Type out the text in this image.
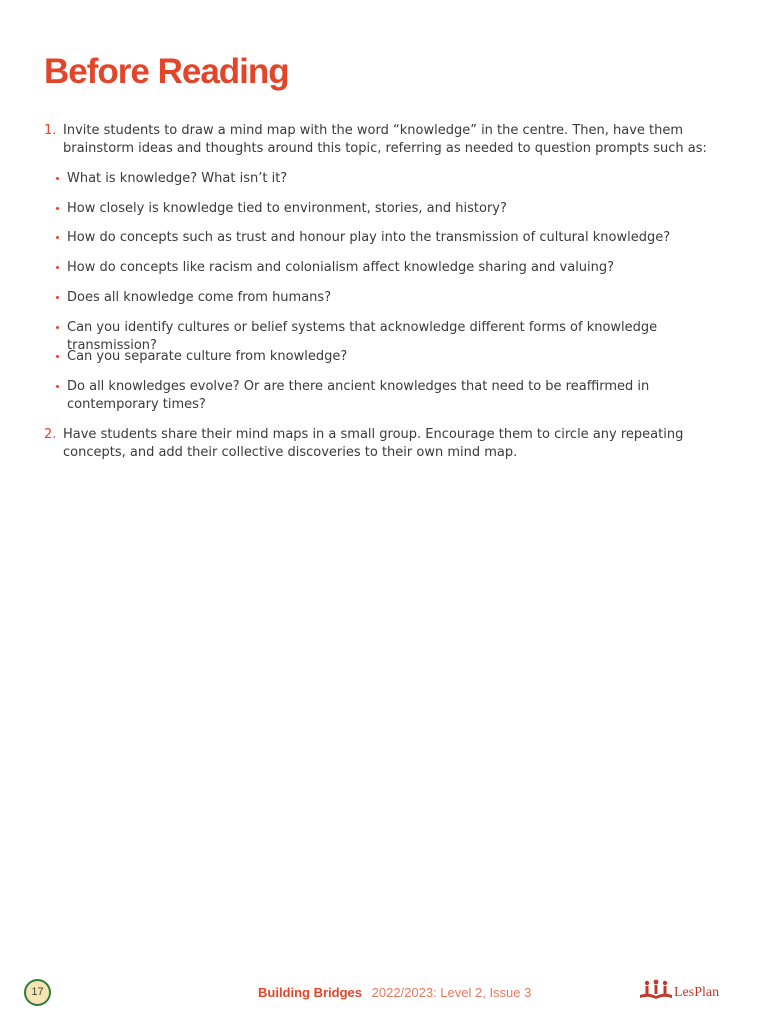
Before Reading
1. Invite students to draw a mind map with the word “knowledge” in the centre. Then, have them brainstorm ideas and thoughts around this topic, referring as needed to question prompts such as:
What is knowledge? What isn’t it?
How closely is knowledge tied to environment, stories, and history?
How do concepts such as trust and honour play into the transmission of cultural knowledge?
How do concepts like racism and colonialism affect knowledge sharing and valuing?
Does all knowledge come from humans?
Can you identify cultures or belief systems that acknowledge different forms of knowledge transmission?
Can you separate culture from knowledge?
Do all knowledges evolve? Or are there ancient knowledges that need to be reaffirmed in contemporary times?
2. Have students share their mind maps in a small group. Encourage them to circle any repeating concepts, and add their collective discoveries to their own mind map.
17	Building Bridges 2022/2023: Level 2, Issue 3	LesPlan
